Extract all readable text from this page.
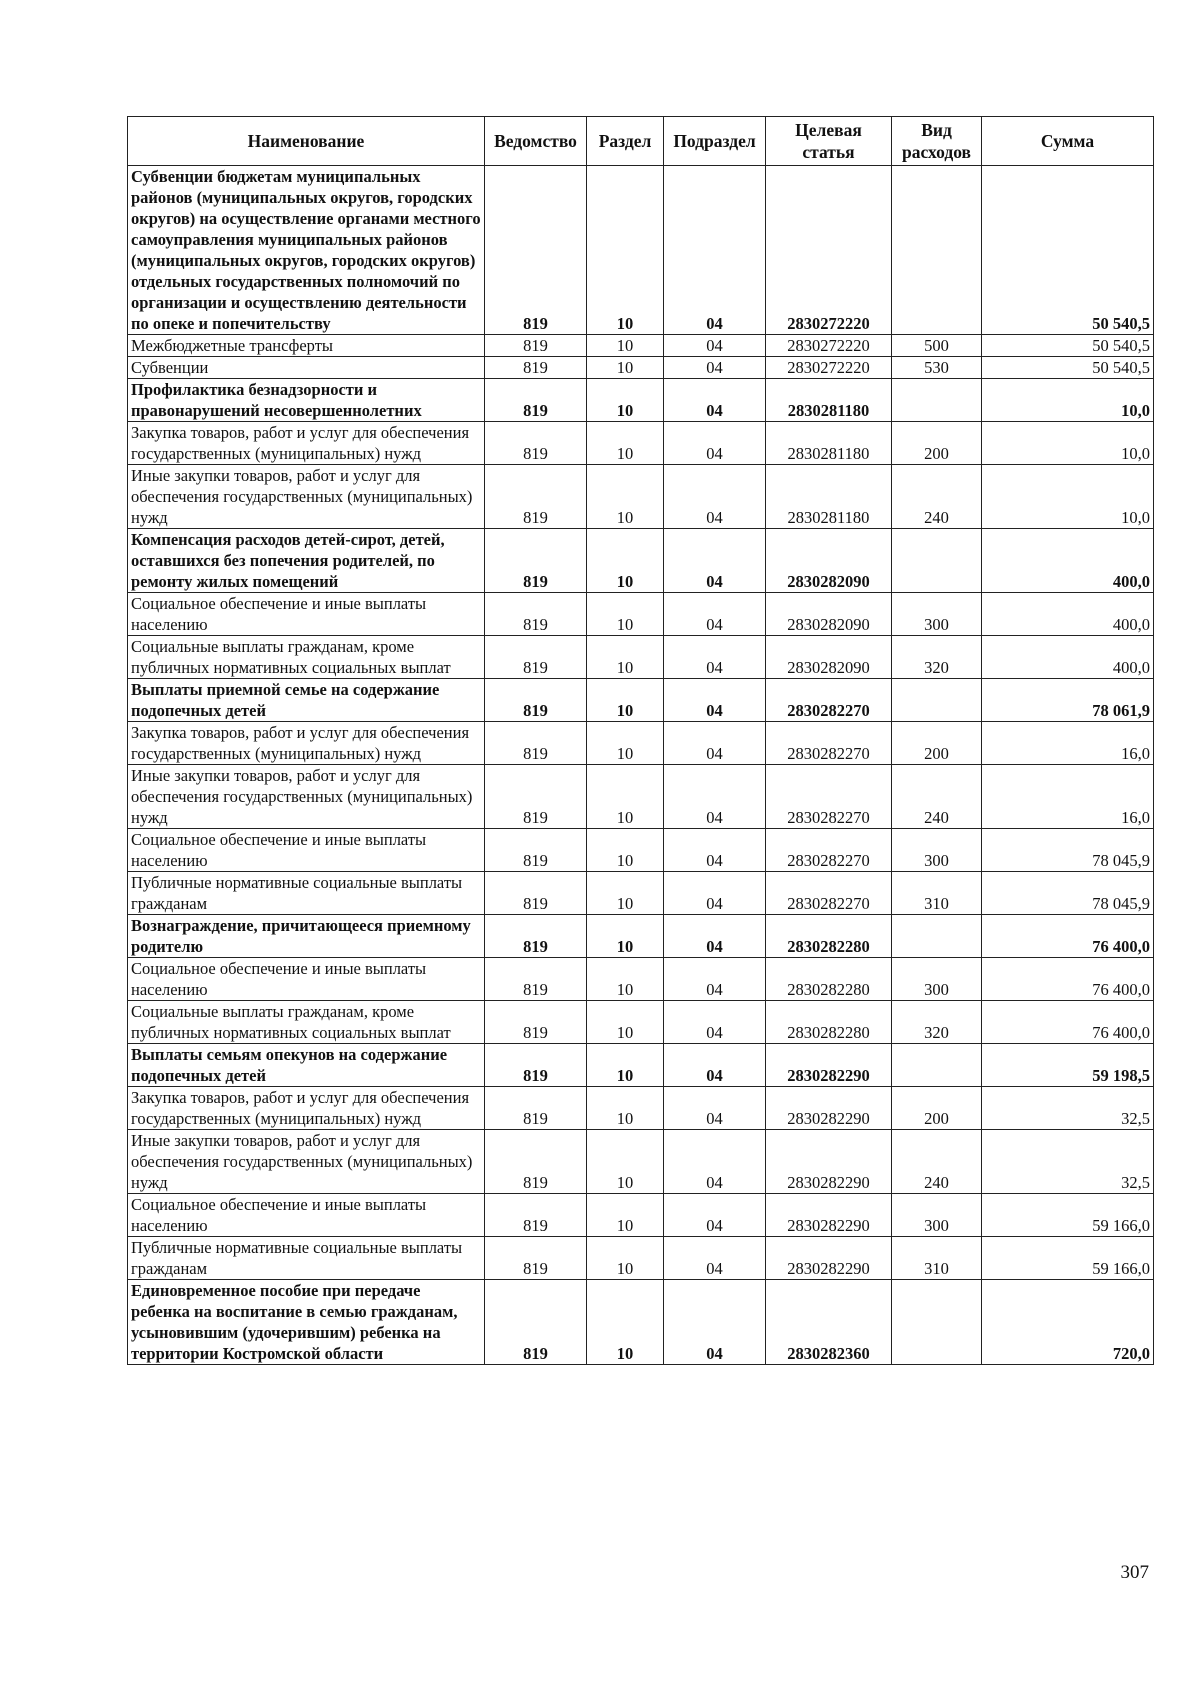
Наименование	Ведомство	Раздел	Подраздел	Целевая статья	Вид расходов	Сумма
Субвенции бюджетам муниципальных районов (муниципальных округов, городских округов) на осуществление органами местного самоуправления муниципальных районов (муниципальных округов, городских округов) отдельных государственных полномочий по организации и осуществлению деятельности по опеке и попечительству	819	10	04	2830272220		50 540,5
Межбюджетные трансферты	819	10	04	2830272220	500	50 540,5
Субвенции	819	10	04	2830272220	530	50 540,5
Профилактика безнадзорности и правонарушений несовершеннолетних	819	10	04	2830281180		10,0
Закупка товаров, работ и услуг для обеспечения государственных (муниципальных) нужд	819	10	04	2830281180	200	10,0
Иные закупки товаров, работ и услуг для обеспечения государственных (муниципальных) нужд	819	10	04	2830281180	240	10,0
Компенсация расходов детей-сирот, детей, оставшихся без попечения родителей, по ремонту жилых помещений	819	10	04	2830282090		400,0
Социальное обеспечение и иные выплаты населению	819	10	04	2830282090	300	400,0
Социальные выплаты гражданам, кроме публичных нормативных социальных выплат	819	10	04	2830282090	320	400,0
Выплаты приемной семье на содержание подопечных детей	819	10	04	2830282270		78 061,9
Закупка товаров, работ и услуг для обеспечения государственных (муниципальных) нужд	819	10	04	2830282270	200	16,0
Иные закупки товаров, работ и услуг для обеспечения государственных (муниципальных) нужд	819	10	04	2830282270	240	16,0
Социальное обеспечение и иные выплаты населению	819	10	04	2830282270	300	78 045,9
Публичные нормативные социальные выплаты гражданам	819	10	04	2830282270	310	78 045,9
Вознаграждение, причитающееся приемному родителю	819	10	04	2830282280		76 400,0
Социальное обеспечение и иные выплаты населению	819	10	04	2830282280	300	76 400,0
Социальные выплаты гражданам, кроме публичных нормативных социальных выплат	819	10	04	2830282280	320	76 400,0
Выплаты семьям опекунов на содержание подопечных детей	819	10	04	2830282290		59 198,5
Закупка товаров, работ и услуг для обеспечения государственных (муниципальных) нужд	819	10	04	2830282290	200	32,5
Иные закупки товаров, работ и услуг для обеспечения государственных (муниципальных) нужд	819	10	04	2830282290	240	32,5
Социальное обеспечение и иные выплаты населению	819	10	04	2830282290	300	59 166,0
Публичные нормативные социальные выплаты гражданам	819	10	04	2830282290	310	59 166,0
Единовременное пособие при передаче ребенка на воспитание в семью гражданам, усыновившим (удочерившим) ребенка на территории Костромской области	819	10	04	2830282360		720,0
307
